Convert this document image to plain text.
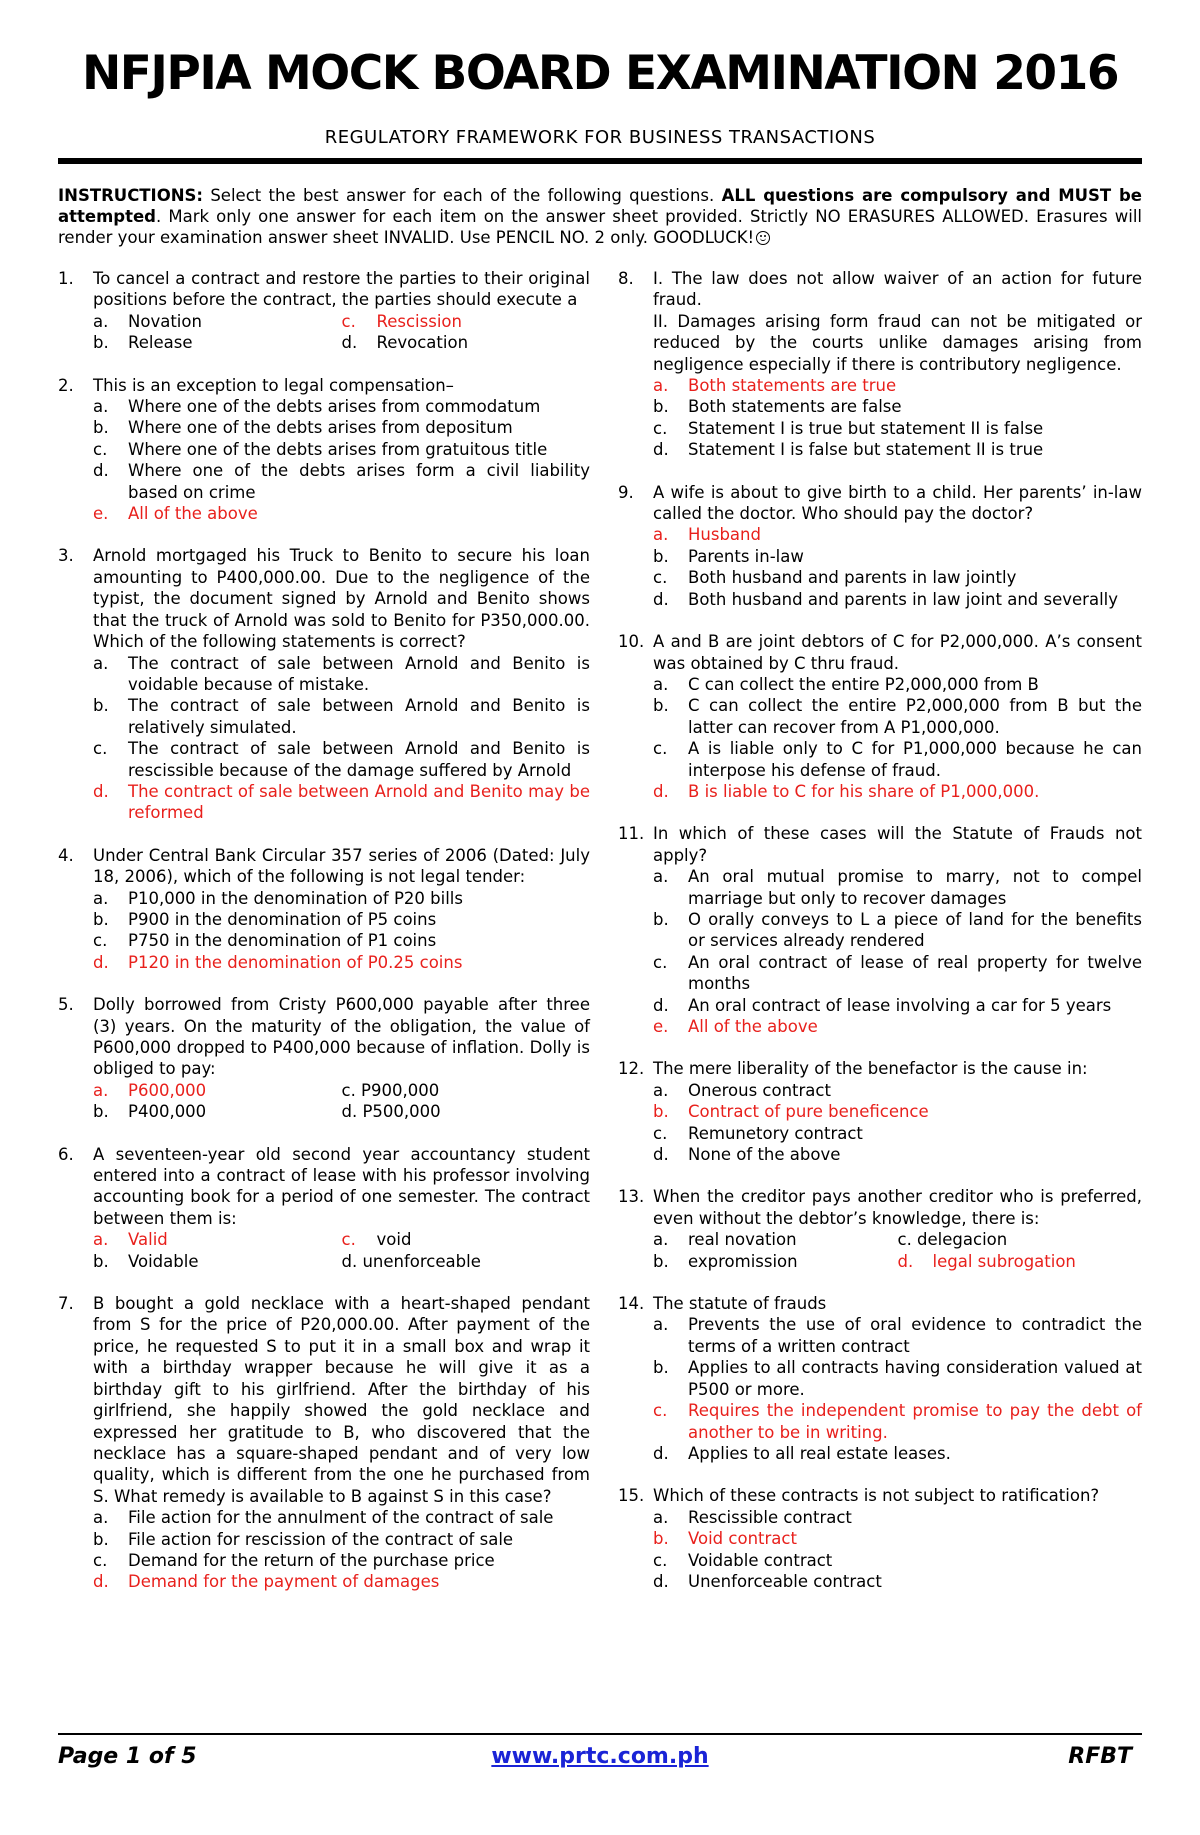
NFJPIA MOCK BOARD EXAMINATION 2016
REGULATORY FRAMEWORK FOR BUSINESS TRANSACTIONS
INSTRUCTIONS: Select the best answer for each of the following questions. ALL questions are compulsory and MUST be attempted. Mark only one answer for each item on the answer sheet provided. Strictly NO ERASURES ALLOWED. Erasures will render your examination answer sheet INVALID. Use PENCIL NO. 2 only. GOODLUCK!
1.	To cancel a contract and restore the parties to their original positions before the contract, the parties should execute a
a.	Novation	c.	Rescission
b.	Release	d.	Revocation
2.	This is an exception to legal compensation–
a.	Where one of the debts arises from commodatum
b.	Where one of the debts arises from depositum
c.	Where one of the debts arises from gratuitous title
d.	Where one of the debts arises form a civil liability based on crime
e.	All of the above
3.	Arnold mortgaged his Truck to Benito to secure his loan amounting to P400,000.00. Due to the negligence of the typist, the document signed by Arnold and Benito shows that the truck of Arnold was sold to Benito for P350,000.00. Which of the following statements is correct?
a.	The contract of sale between Arnold and Benito is voidable because of mistake.
b.	The contract of sale between Arnold and Benito is relatively simulated.
c.	The contract of sale between Arnold and Benito is rescissible because of the damage suffered by Arnold
d.	The contract of sale between Arnold and Benito may be reformed
4.	Under Central Bank Circular 357 series of 2006 (Dated: July 18, 2006), which of the following is not legal tender:
a.	P10,000 in the denomination of P20 bills
b.	P900 in the denomination of P5 coins
c.	P750 in the denomination of P1 coins
d.	P120 in the denomination of P0.25 coins
5.	Dolly borrowed from Cristy P600,000 payable after three (3) years. On the maturity of the obligation, the value of P600,000 dropped to P400,000 because of inflation. Dolly is obliged to pay:
a.	P600,000	c. P900,000
b.	P400,000	d. P500,000
6.	A seventeen-year old second year accountancy student entered into a contract of lease with his professor involving accounting book for a period of one semester. The contract between them is:
a.	Valid	c.	void
b.	Voidable	d. unenforceable
7.	B bought a gold necklace with a heart-shaped pendant from S for the price of P20,000.00. After payment of the price, he requested S to put it in a small box and wrap it with a birthday wrapper because he will give it as a birthday gift to his girlfriend. After the birthday of his girlfriend, she happily showed the gold necklace and expressed her gratitude to B, who discovered that the necklace has a square-shaped pendant and of very low quality, which is different from the one he purchased from S. What remedy is available to B against S in this case?
a.	File action for the annulment of the contract of sale
b.	File action for rescission of the contract of sale
c.	Demand for the return of the purchase price
d.	Demand for the payment of damages
8.	I. The law does not allow waiver of an action for future fraud.
II. Damages arising form fraud can not be mitigated or reduced by the courts unlike damages arising from negligence especially if there is contributory negligence.
a.	Both statements are true
b.	Both statements are false
c.	Statement I is true but statement II is false
d.	Statement I is false but statement II is true
9.	A wife is about to give birth to a child. Her parents’ in-law called the doctor. Who should pay the doctor?
a.	Husband
b.	Parents in-law
c.	Both husband and parents in law jointly
d.	Both husband and parents in law joint and severally
10. A and B are joint debtors of C for P2,000,000. A’s consent was obtained by C thru fraud.
a.	C can collect the entire P2,000,000 from B
b.	C can collect the entire P2,000,000 from B but the latter can recover from A P1,000,000.
c.	A is liable only to C for P1,000,000 because he can interpose his defense of fraud.
d.	B is liable to C for his share of P1,000,000.
11. In which of these cases will the Statute of Frauds not apply?
a.	An oral mutual promise to marry, not to compel marriage but only to recover damages
b.	O orally conveys to L a piece of land for the benefits or services already rendered
c.	An oral contract of lease of real property for twelve months
d.	An oral contract of lease involving a car for 5 years
e.	All of the above
12. The mere liberality of the benefactor is the cause in:
a.	Onerous contract
b.	Contract of pure beneficence
c.	Remunetory contract
d.	None of the above
13. When the creditor pays another creditor who is preferred, even without the debtor’s knowledge, there is:
a.	real novation	c. delegacion
b.	expromission	d.	legal subrogation
14. The statute of frauds
a.	Prevents the use of oral evidence to contradict the terms of a written contract
b.	Applies to all contracts having consideration valued at P500 or more.
c.	Requires the independent promise to pay the debt of another to be in writing.
d.	Applies to all real estate leases.
15. Which of these contracts is not subject to ratification?
a.	Rescissible contract
b.	Void contract
c.	Voidable contract
d.	Unenforceable contract
Page 1 of 5	www.prtc.com.ph	RFBT
